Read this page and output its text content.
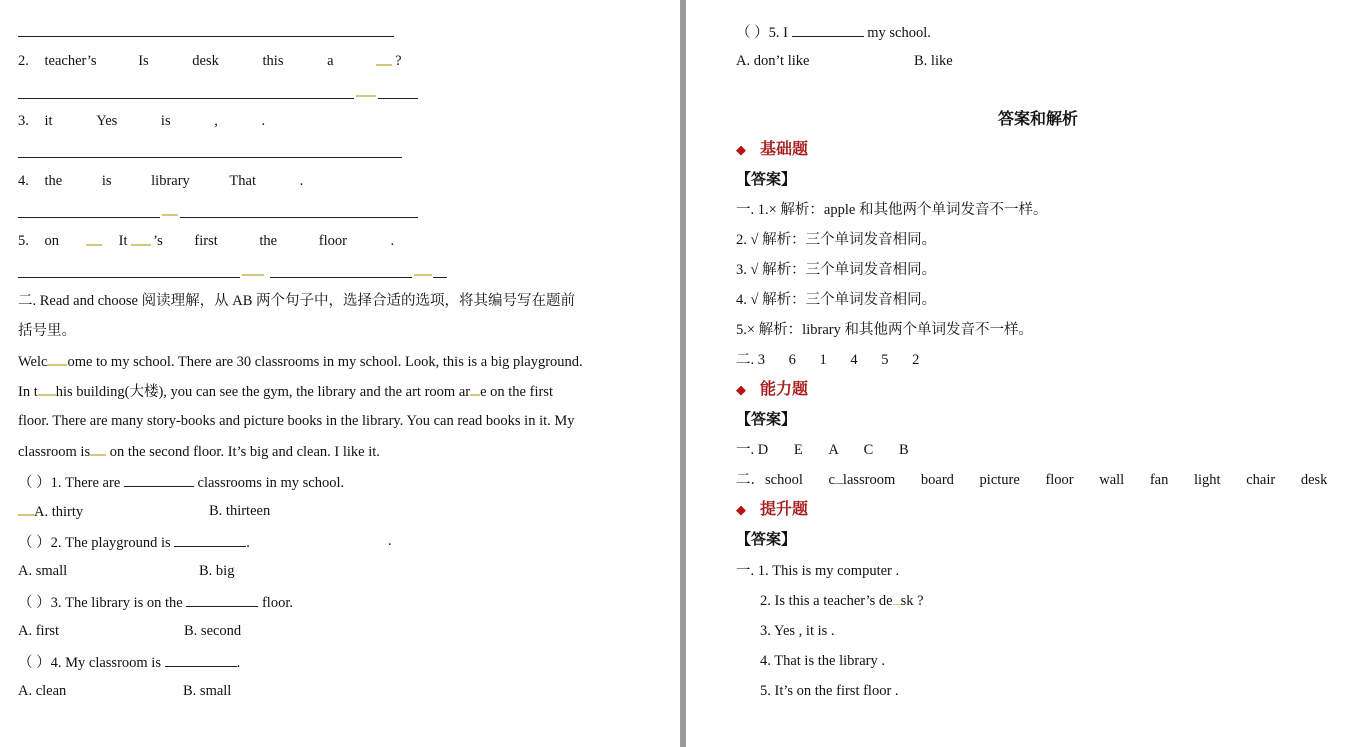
2. teacher’s	Is	desk	this	a	?
3. it	Yes	is	,	.
4. the	is	library	That	.
5. on	It ’s first	the	floor	.
二. Read and choose 阅读理解，从 AB 两个句子中，选择合适的选项，将其编号写在题前
括号里。
Welc ome to my school. There are 30 classrooms in my school. Look, this is a big playground.
In t his building(大楼), you can see the gym, the library and the art room ar e on the first
floor. There are many story-books and picture books in the library. You can read books in it. My
classroom is on the second floor. It’s big and clean. I like it.
（ ）1. There are	classrooms in my school.
A. thirty	B. thirteen
（ ）2. The playground is	.	.
A. small	B. big
（ ）3. The library is on the	floor.
A. first	B. second
（ ）4. My classroom is	.
A. clean	B. small
（ ）5. I	my school.
A. don’t like	B. like
答案和解析
◆ 基础题
【答案】
一. 1.× 解析：apple 和其他两个单词发音不一样。
2. √ 解析：三个单词发音相同。
3. √ 解析：三个单词发音相同。
4. √ 解析：三个单词发音相同。
5.× 解析：library 和其他两个单词发音不一样。
二. 3 6 1 4 5 2
◆ 能力题
【答案】
一. D E A C B
二．school c lassroom board picture floor wall fan light chair desk
◆ 提升题
【答案】
一. 1. This is my computer .
2. Is this a teacher’s de sk ?
3. Yes , it is .
4. That is the library .
5. It’s on the first floor .
